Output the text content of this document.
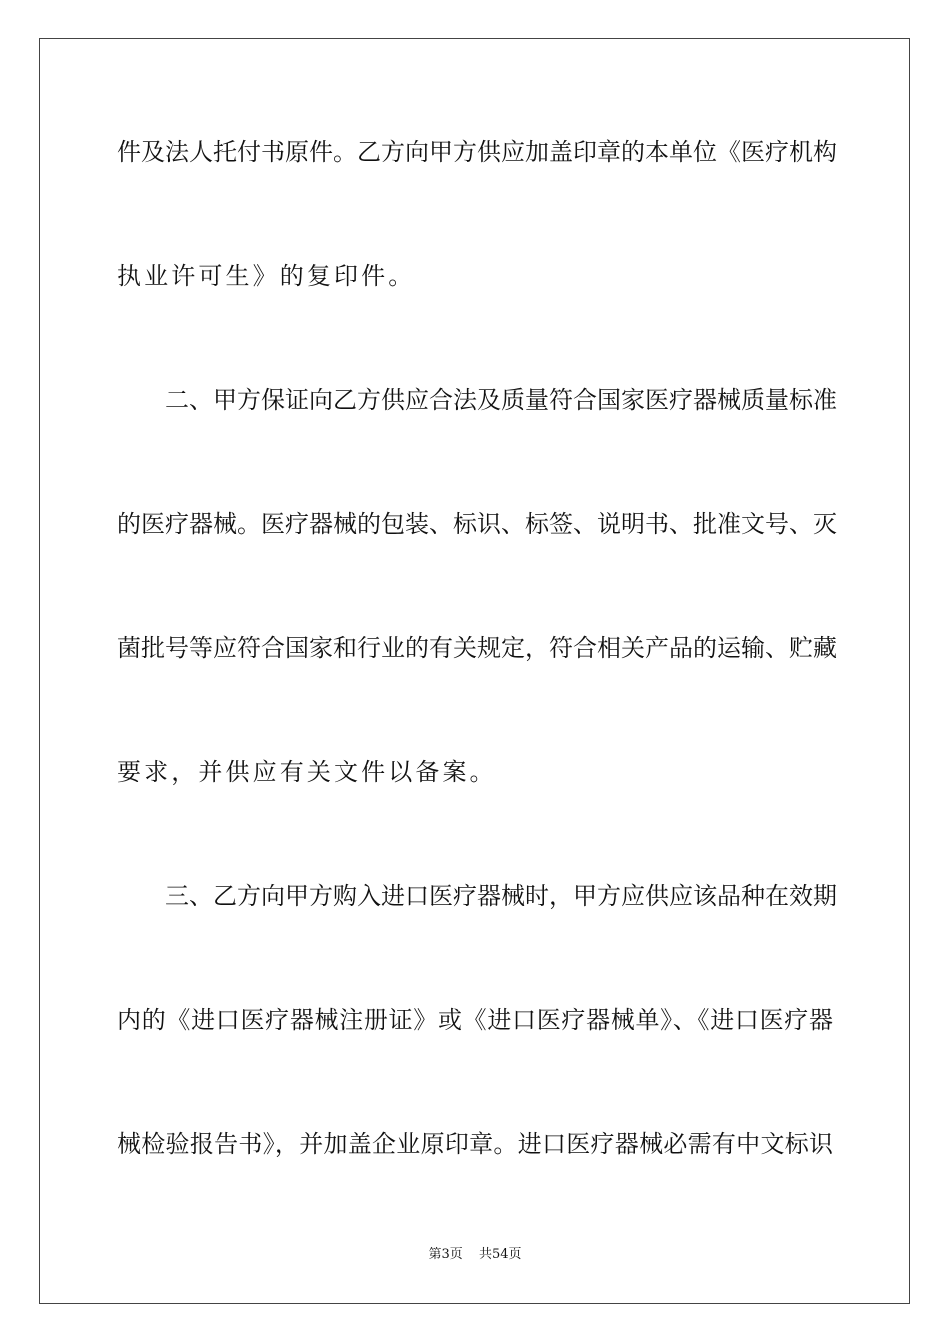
件及法人托付书原件。乙方向甲方供应加盖印章的本单位《医疗机构
执业许可生》的复印件。
二、甲方保证向乙方供应合法及质量符合国家医疗器械质量标准
的医疗器械。医疗器械的包装、标识、标签、说明书、批准文号、灭
菌批号等应符合国家和行业的有关规定，符合相关产品的运输、贮藏
要求，并供应有关文件以备案。
三、乙方向甲方购入进口医疗器械时，甲方应供应该品种在效期
内的《进口医疗器械注册证》或《进口医疗器械单》、《进口医疗器
械检验报告书》，并加盖企业原印章。进口医疗器械必需有中文标识
第3页 共54页
